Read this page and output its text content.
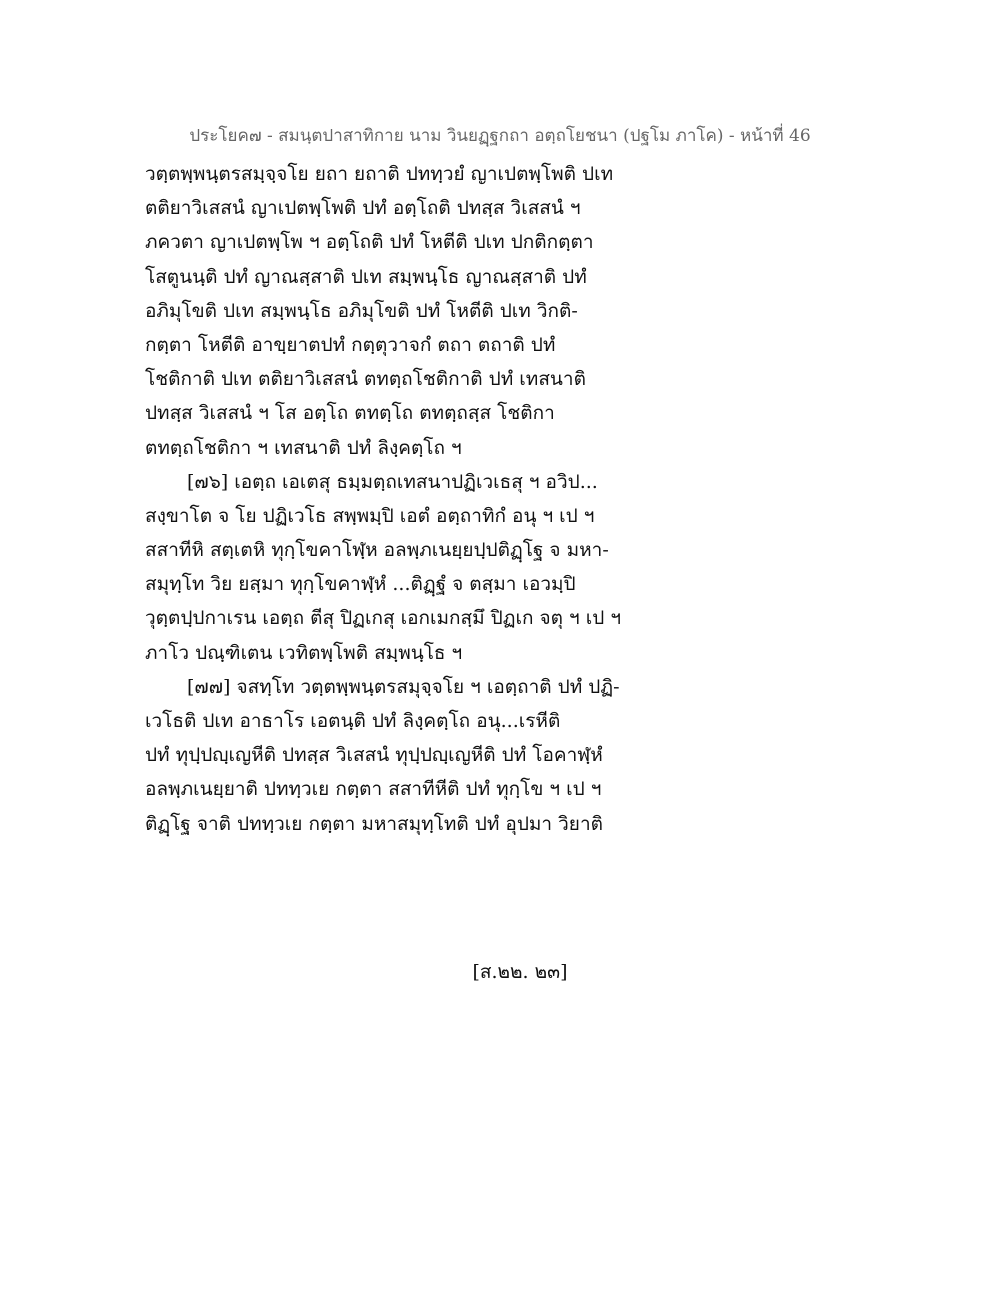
ประโยค๗ - สมนฺตปาสาทิกาย นาม วินยฏฺฐกถา อตฺถโยชนา (ปฐโม ภาโค) - หน้าที่ 46
วตฺตพฺพนฺตรสมฺจฺจโย ยถา ยถาติ ปททฺวยํ ญาเปตพฺโพติ ปเท
ตติยาวิเสสนํ ญาเปตพฺโพติ ปทํ อตฺโถติ ปทสฺส วิเสสนํ ฯ
ภควตา ญาเปตพฺโพ ฯ อตฺโถติ ปทํ โหตีติ ปเท ปกติกตฺตา
โสตูนนฺติ ปทํ ญาณสฺสาติ ปเท สมฺพนฺโธ ญาณสฺสาติ ปทํ
อภิมุโขติ ปเท สมฺพนฺโธ อภิมุโขติ ปทํ โหตีติ ปเท วิกติ-
กตฺตา โหตีติ อาขฺยาตปทํ กตฺตุวาจกํ ตถา ตถาติ ปทํ
โชติกาติ ปเท ตติยาวิเสสนํ ตทตฺถโชติกาติ ปทํ เทสนาติ
ปทสฺส วิเสสนํ ฯ โส อตฺโถ ตทตฺโถ ตทตฺถสฺส โชติกา
ตทตฺถโชติกา ฯ เทสนาติ ปทํ ลิงฺคตฺโถ ฯ
[๗๖] เอตฺถ เอเตสุ ธมฺมตฺถเทสนาปฏิเวเธสุ ฯ อวิป...
สงฺขาโต จ โย ปฏิเวโธ สพฺพมฺปิ เอตํ อตฺถาทิกํ อนุ ฯ เป ฯ
สสาทีหิ สตฺเตหิ ทุกฺโขคาโฬฺห อลพฺภเนยฺยปฺปติฏฺโฐ จ มหา-
สมุทฺโท วิย ยสฺมา ทุกฺโขคาฬฺหํ ...ติฏฺฐํ จ ตสฺมา เอวมฺปิ
วุตฺตปฺปกาเรน เอตฺถ ตีสุ ปิฏเกสุ เอกเมกสฺมึ ปิฏเก จตุ ฯ เป ฯ
ภาโว ปณฺฑิเตน เวทิตพฺโพติ สมฺพนฺโธ ฯ
[๗๗] จสทฺโท วตฺตพฺพนฺตรสมุจฺจโย ฯ เอตฺถาติ ปทํ ปฏิ-
เวโธติ ปเท อาธาโร เอตนฺติ ปทํ ลิงฺคตฺโถ อนุ...เรหีติ
ปทํ ทุปฺปญฺเญหีติ ปทสฺส วิเสสนํ ทุปฺปญฺเญหีติ ปทํ โอคาฬฺหํ
อลพฺภเนยฺยาติ ปททฺวเย กตฺตา สสาทีหีติ ปทํ ทุกฺโข ฯ เป ฯ
ติฏฺโฐ จาติ ปททฺวเย กตฺตา มหาสมุทฺโทติ ปทํ อุปมา วิยาติ
[ส.๒๒. ๒๓]
